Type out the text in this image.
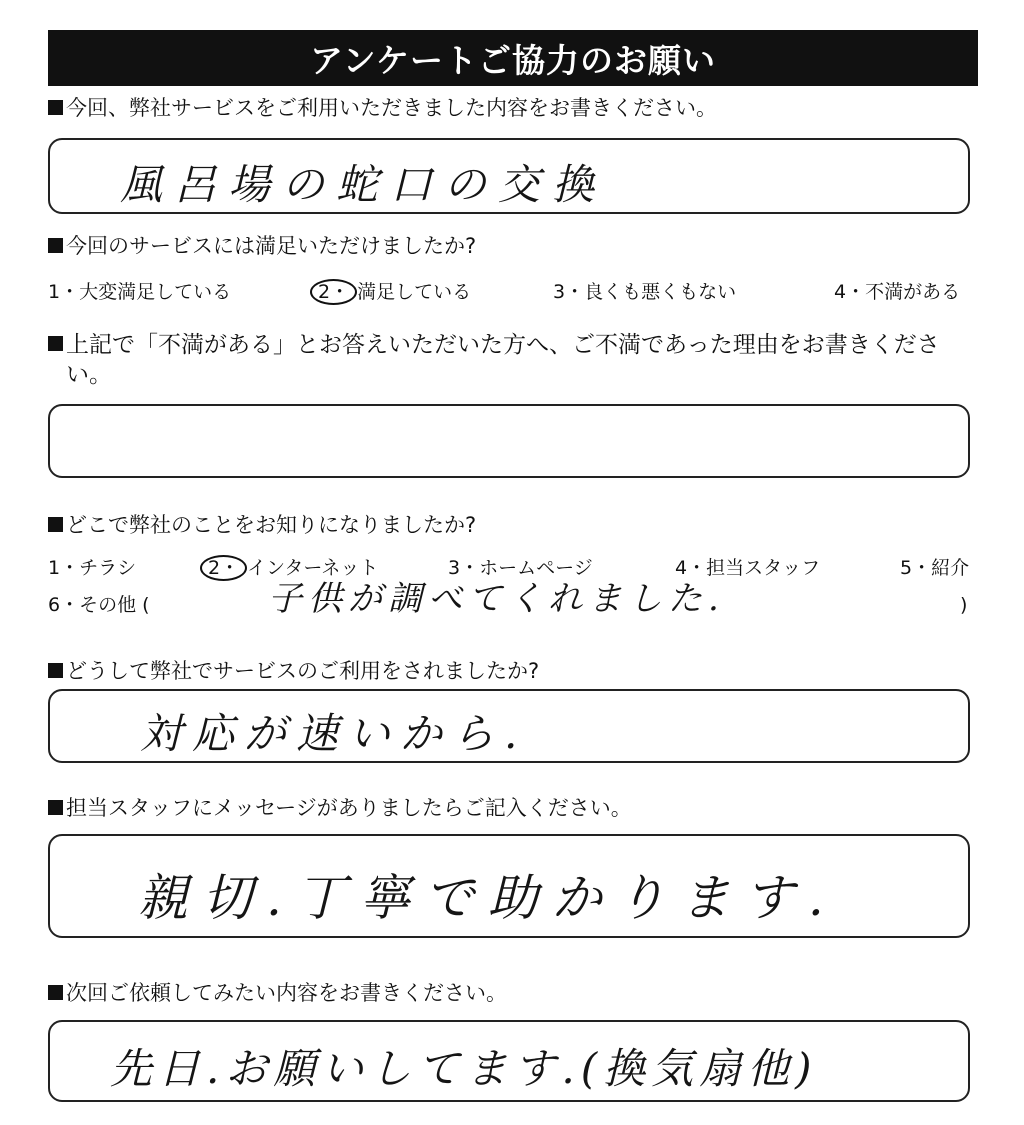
アンケートご協力のお願い
今回、弊社サービスをご利用いただきました内容をお書きください。
風呂場の蛇口の交換
今回のサービスには満足いただけましたか?
1・大変満足している	2・ 満足している	3・良くも悪くもない	4・不満がある
上記で「不満がある」とお答えいただいた方へ、ご不満であった理由をお書きください。
どこで弊社のことをお知りになりましたか?
1・チラシ	2・ インターネット	3・ホームページ	4・担当スタッフ	5・紹介
6・その他 (	子供が調べてくれました.	)
どうして弊社でサービスのご利用をされましたか?
対応が速いから.
担当スタッフにメッセージがありましたらご記入ください。
親切.丁寧で助かります.
次回ご依頼してみたい内容をお書きください。
先日.お願いしてます.(換気扇他)
